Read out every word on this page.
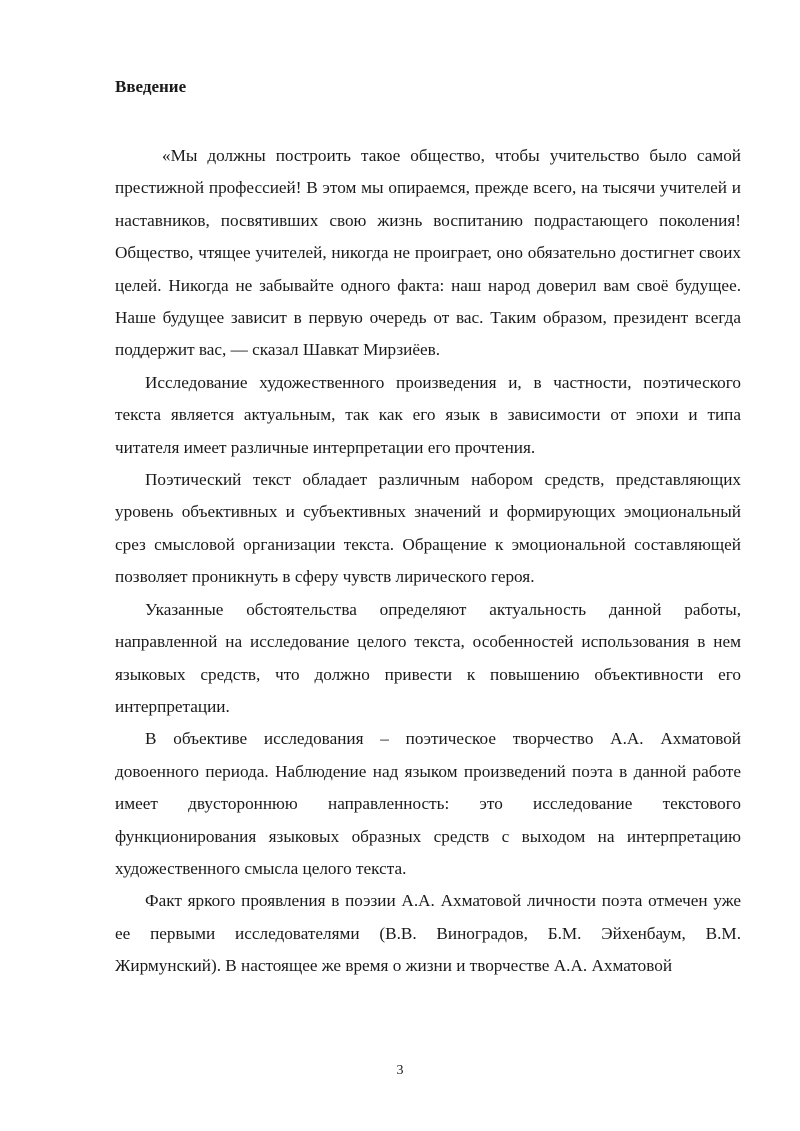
Введение

«Мы должны построить такое общество, чтобы учительство было самой престижной профессией! В этом мы опираемся, прежде всего, на тысячи учителей и наставников, посвятивших свою жизнь воспитанию подрастающего поколения! Общество, чтящее учителей, никогда не проиграет, оно обязательно достигнет своих целей. Никогда не забывайте одного факта: наш народ доверил вам своё будущее. Наше будущее зависит в первую очередь от вас. Таким образом, президент всегда поддержит вас, — сказал Шавкат Мирзиёев.

Исследование художественного произведения и, в частности, поэтического текста является актуальным, так как его язык в зависимости от эпохи и типа читателя имеет различные интерпретации его прочтения.

Поэтический текст обладает различным набором средств, представляющих уровень объективных и субъективных значений и формирующих эмоциональный срез смысловой организации текста. Обращение к эмоциональной составляющей позволяет проникнуть в сферу чувств лирического героя.

Указанные обстоятельства определяют актуальность данной работы, направленной на исследование целого текста, особенностей использования в нем языковых средств, что должно привести к повышению объективности его интерпретации.

В объективе исследования – поэтическое творчество А.А. Ахматовой довоенного периода. Наблюдение над языком произведений поэта в данной работе имеет двустороннюю направленность: это исследование текстового функционирования языковых образных средств с выходом на интерпретацию художественного смысла целого текста.

Факт яркого проявления в поэзии А.А. Ахматовой личности поэта отмечен уже ее первыми исследователями (В.В. Виноградов, Б.М. Эйхенбаум, В.М. Жирмунский). В настоящее же время о жизни и творчестве А.А. Ахматовой

3
